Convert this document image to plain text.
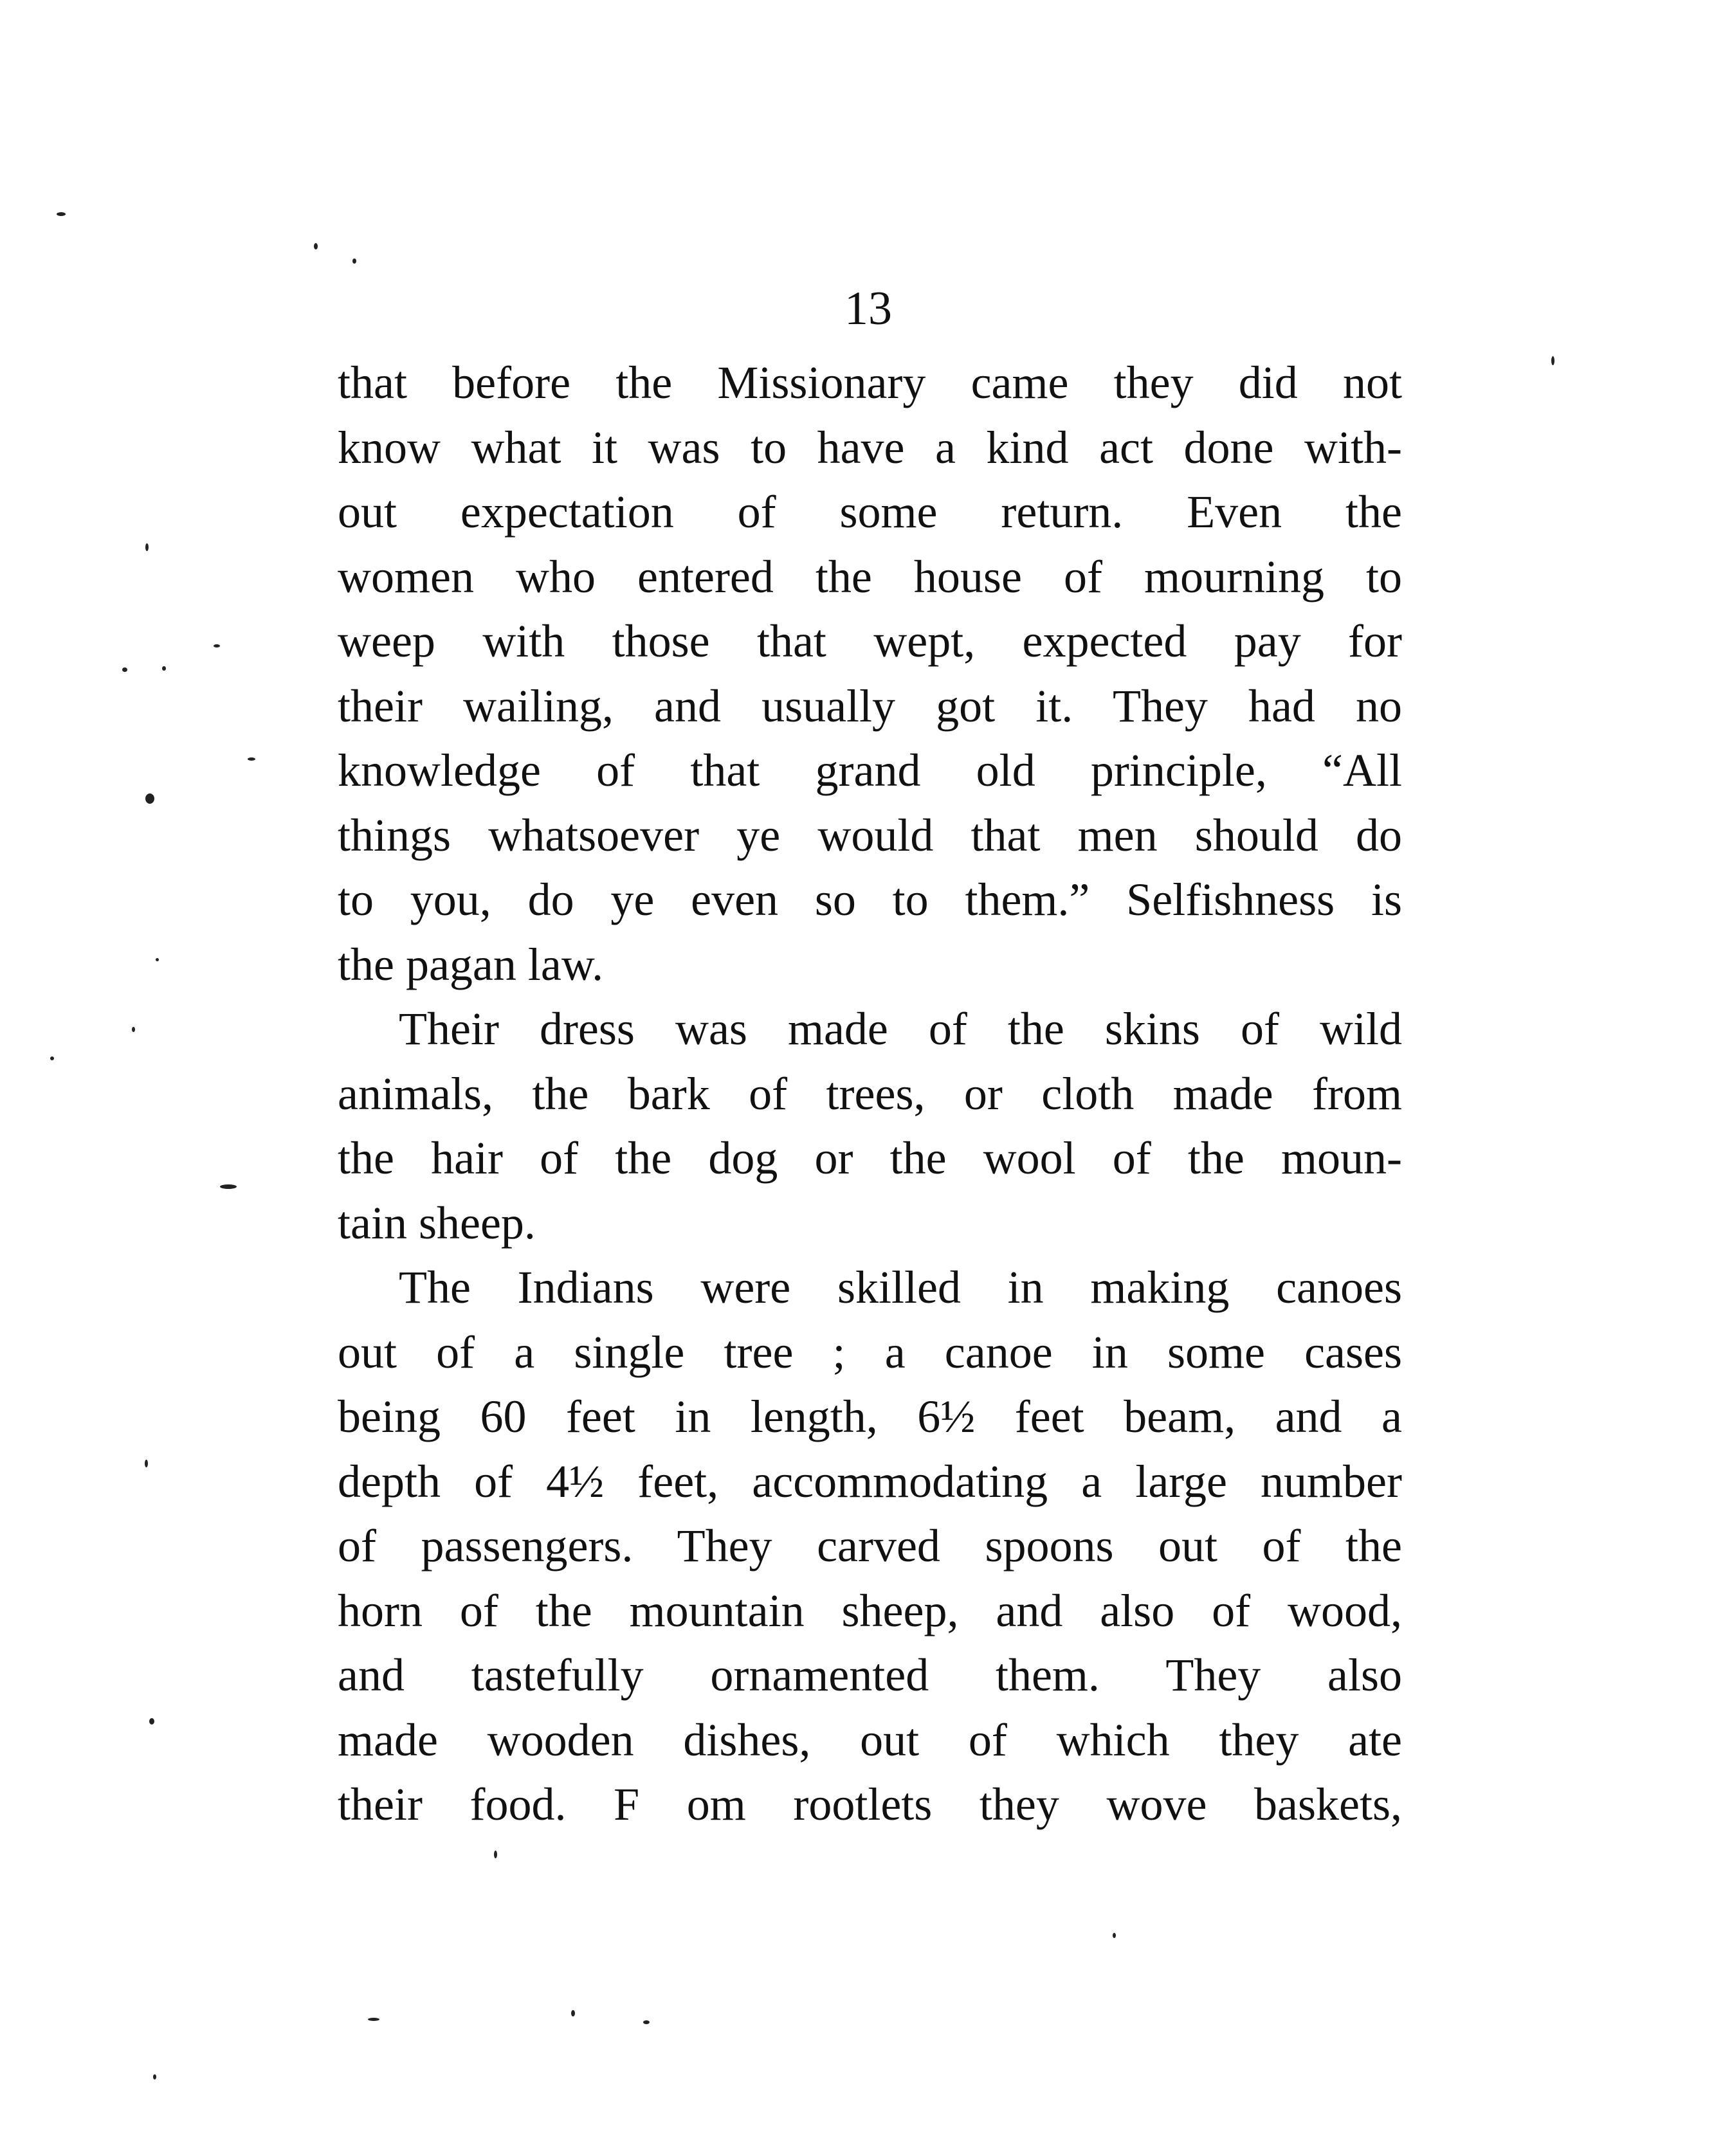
13
that before the Missionary came they did not
know what it was to have a kind act done with-
out expectation of some return. Even the
women who entered the house of mourning to
weep with those that wept, expected pay for
their wailing, and usually got it. They had no
knowledge of that grand old principle, “All
things whatsoever ye would that men should do
to you, do ye even so to them.” Selfishness is
the pagan law.
Their dress was made of the skins of wild
animals, the bark of trees, or cloth made from
the hair of the dog or the wool of the moun-
tain sheep.
The Indians were skilled in making canoes
out of a single tree ; a canoe in some cases
being 60 feet in length, 6½ feet beam, and a
depth of 4½ feet, accommodating a large number
of passengers. They carved spoons out of the
horn of the mountain sheep, and also of wood,
and tastefully ornamented them. They also
made wooden dishes, out of which they ate
their food. F om rootlets they wove baskets,
